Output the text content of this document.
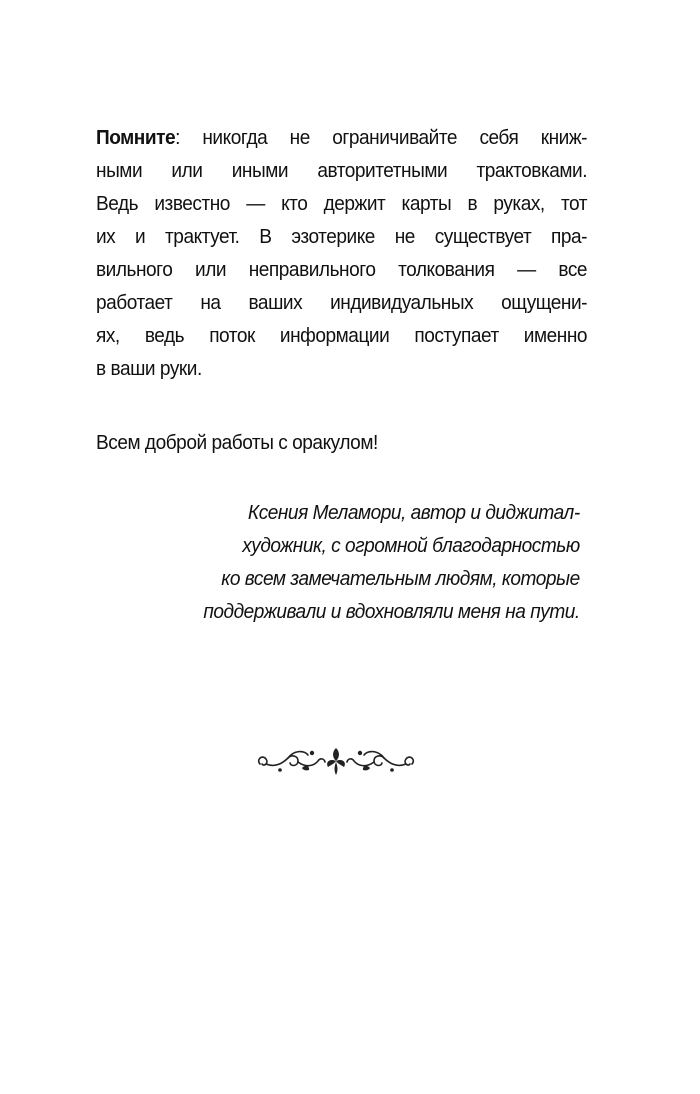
Помните: никогда не ограничивайте себя книж-
ными или иными авторитетными трактовками.
Ведь известно — кто держит карты в руках, тот
их и трактует. В эзотерике не существует пра-
вильного или неправильного толкования — все
работает на ваших индивидуальных ощущени-
ях, ведь поток информации поступает именно
в ваши руки.
Всем доброй работы с оракулом!
Ксения Меламори, автор и диджитал-
художник, с огромной благодарностью
ко всем замечательным людям, которые
поддерживали и вдохновляли меня на пути.
